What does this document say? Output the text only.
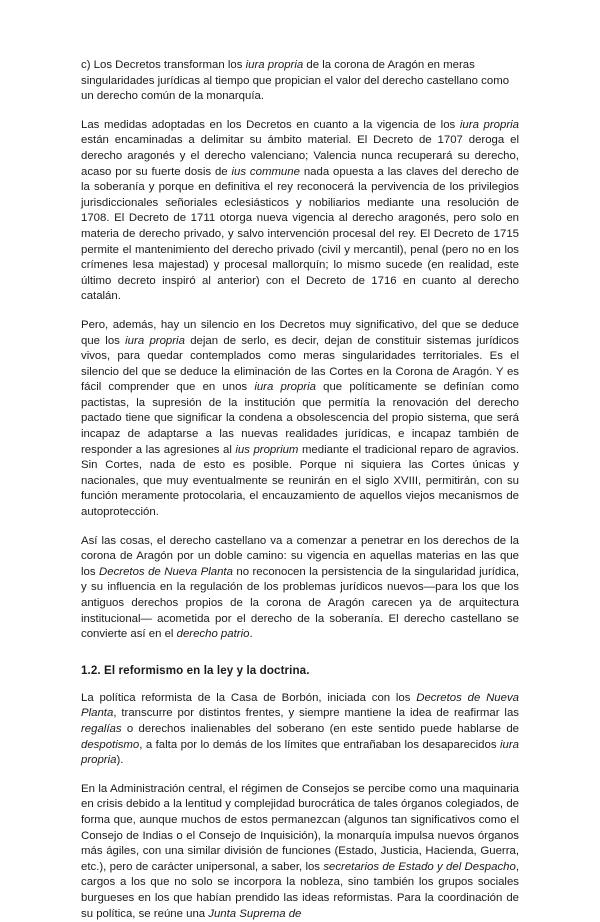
c) Los Decretos transforman los iura propria de la corona de Aragón en meras singularidades jurídicas al tiempo que propician el valor del derecho castellano como un derecho común de la monarquía.

Las medidas adoptadas en los Decretos en cuanto a la vigencia de los iura propria están encaminadas a delimitar su ámbito material. El Decreto de 1707 deroga el derecho aragonés y el derecho valenciano; Valencia nunca recuperará su derecho, acaso por su fuerte dosis de ius commune nada opuesta a las claves del derecho de la soberanía y porque en definitiva el rey reconocerá la pervivencia de los privilegios jurisdiccionales señoriales eclesiásticos y nobiliarios mediante una resolución de 1708. El Decreto de 1711 otorga nueva vigencia al derecho aragonés, pero solo en materia de derecho privado, y salvo intervención procesal del rey. El Decreto de 1715 permite el mantenimiento del derecho privado (civil y mercantil), penal (pero no en los crímenes lesa majestad) y procesal mallorquín; lo mismo sucede (en realidad, este último decreto inspiró al anterior) con el Decreto de 1716 en cuanto al derecho catalán.

Pero, además, hay un silencio en los Decretos muy significativo, del que se deduce que los iura propria dejan de serlo, es decir, dejan de constituir sistemas jurídicos vivos, para quedar contemplados como meras singularidades territoriales. Es el silencio del que se deduce la eliminación de las Cortes en la Corona de Aragón. Y es fácil comprender que en unos iura propria que políticamente se definían como pactistas, la supresión de la institución que permitía la renovación del derecho pactado tiene que significar la condena a obsolescencia del propio sistema, que será incapaz de adaptarse a las nuevas realidades jurídicas, e incapaz también de responder a las agresiones al ius proprium mediante el tradicional reparo de agravios. Sin Cortes, nada de esto es posible. Porque ni siquiera las Cortes únicas y nacionales, que muy eventualmente se reunirán en el siglo XVIII, permitirán, con su función meramente protocolaria, el encauzamiento de aquellos viejos mecanismos de autoprotección.

Así las cosas, el derecho castellano va a comenzar a penetrar en los derechos de la corona de Aragón por un doble camino: su vigencia en aquellas materias en las que los Decretos de Nueva Planta no reconocen la persistencia de la singularidad jurídica, y su influencia en la regulación de los problemas jurídicos nuevos—para los que los antiguos derechos propios de la corona de Aragón carecen ya de arquitectura institucional— acometida por el derecho de la soberanía. El derecho castellano se convierte así en el derecho patrio.

1.2. El reformismo en la ley y la doctrina.

La política reformista de la Casa de Borbón, iniciada con los Decretos de Nueva Planta, transcurre por distintos frentes, y siempre mantiene la idea de reafirmar las regalías o derechos inalienables del soberano (en este sentido puede hablarse de despotismo, a falta por lo demás de los límites que entrañaban los desaparecidos iura propria).

En la Administración central, el régimen de Consejos se percibe como una maquinaria en crisis debido a la lentitud y complejidad burocrática de tales órganos colegiados, de forma que, aunque muchos de estos permanezcan (algunos tan significativos como el Consejo de Indias o el Consejo de Inquisición), la monarquía impulsa nuevos órganos más ágiles, con una similar división de funciones (Estado, Justicia, Hacienda, Guerra, etc.), pero de carácter unipersonal, a saber, los secretarios de Estado y del Despacho, cargos a los que no solo se incorpora la nobleza, sino también los grupos sociales burgueses en los que habían prendido las ideas reformistas. Para la coordinación de su política, se reúne una Junta Suprema de
